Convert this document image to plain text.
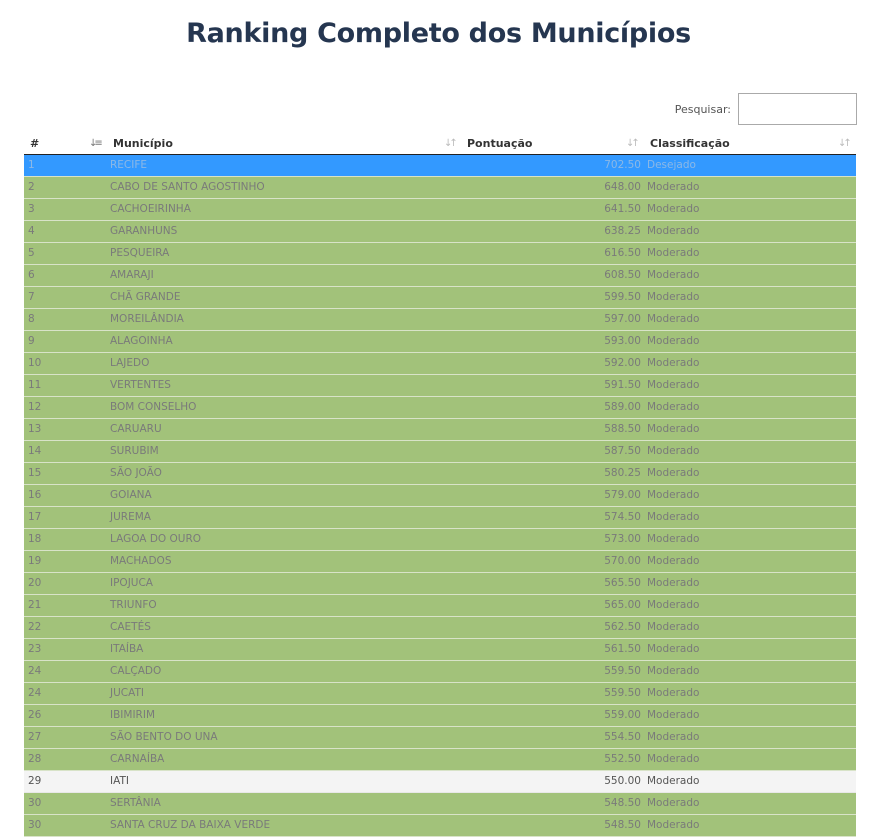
Ranking Completo dos Municípios
Pesquisar:
#	↓≡ Município	↓↑ Pontuação	↓↑ Classificação	↓↑
1	RECIFE	702.50 Desejado
2	CABO DE SANTO AGOSTINHO	648.00 Moderado
3	CACHOEIRINHA	641.50 Moderado
4	GARANHUNS	638.25 Moderado
5	PESQUEIRA	616.50 Moderado
6	AMARAJI	608.50 Moderado
7	CHÃ GRANDE	599.50 Moderado
8	MOREILÂNDIA	597.00 Moderado
9	ALAGOINHA	593.00 Moderado
10	LAJEDO	592.00 Moderado
11	VERTENTES	591.50 Moderado
12	BOM CONSELHO	589.00 Moderado
13	CARUARU	588.50 Moderado
14	SURUBIM	587.50 Moderado
15	SÃO JOÃO	580.25 Moderado
16	GOIANA	579.00 Moderado
17	JUREMA	574.50 Moderado
18	LAGOA DO OURO	573.00 Moderado
19	MACHADOS	570.00 Moderado
20	IPOJUCA	565.50 Moderado
21	TRIUNFO	565.00 Moderado
22	CAETÉS	562.50 Moderado
23	ITAÍBA	561.50 Moderado
24	CALÇADO	559.50 Moderado
24	JUCATI	559.50 Moderado
26	IBIMIRIM	559.00 Moderado
27	SÃO BENTO DO UNA	554.50 Moderado
28	CARNAÍBA	552.50 Moderado
29	IATI	550.00 Moderado
30	SERTÂNIA	548.50 Moderado
30	SANTA CRUZ DA BAIXA VERDE	548.50 Moderado
